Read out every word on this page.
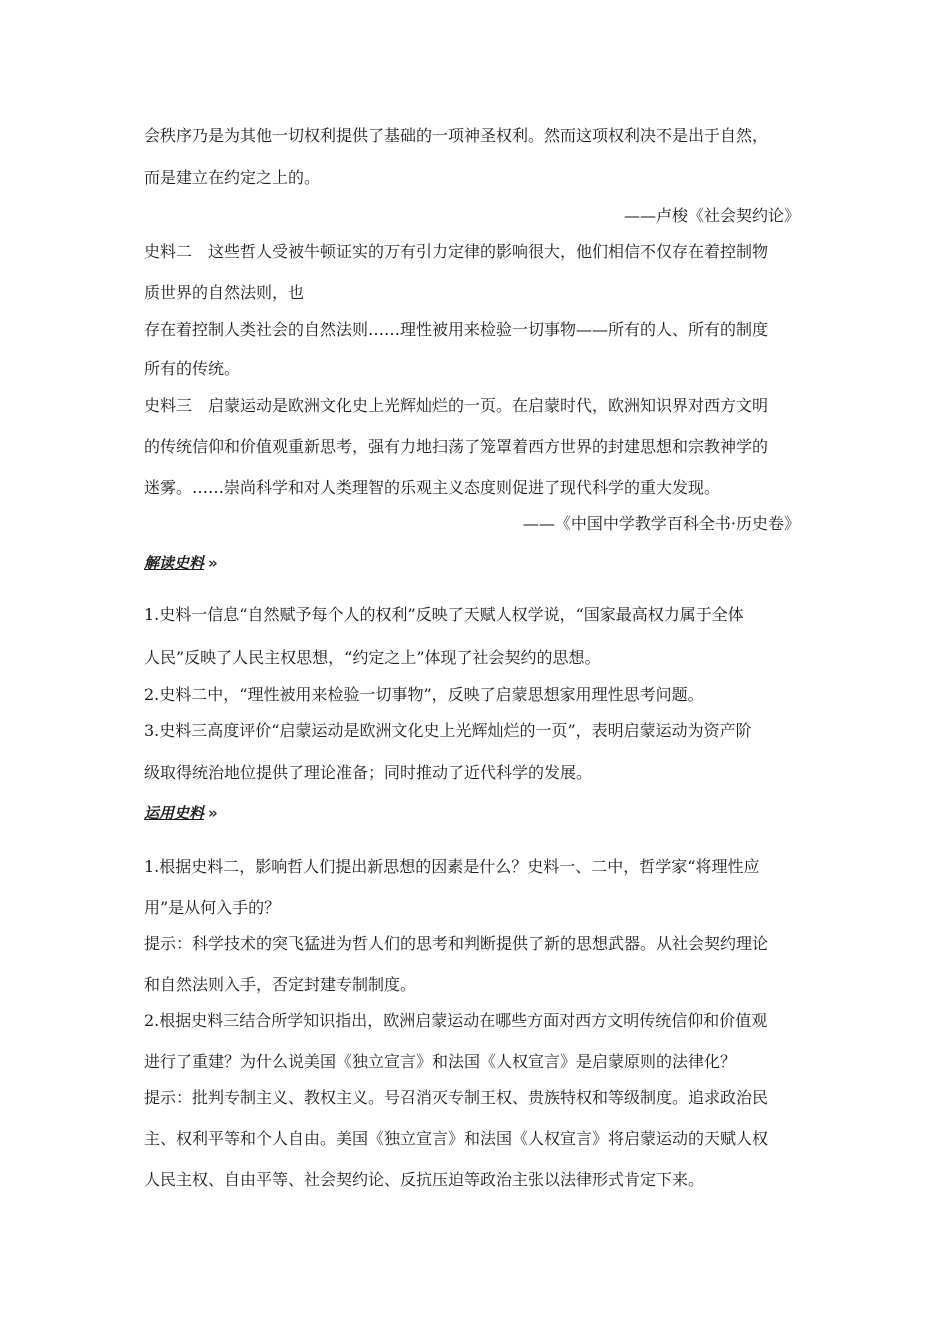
会秩序乃是为其他一切权利提供了基础的一项神圣权利。然而这项权利决不是出于自然，
而是建立在约定之上的。
——卢梭《社会契约论》
史料二　这些哲人受被牛顿证实的万有引力定律的影响很大，他们相信不仅存在着控制物
质世界的自然法则，也
存在着控制人类社会的自然法则……理性被用来检验一切事物——所有的人、所有的制度
所有的传统。
史料三　启蒙运动是欧洲文化史上光辉灿烂的一页。在启蒙时代，欧洲知识界对西方文明
的传统信仰和价值观重新思考，强有力地扫荡了笼罩着西方世界的封建思想和宗教神学的
迷雾。……崇尚科学和对人类理智的乐观主义态度则促进了现代科学的重大发现。
——《中国中学教学百科全书·历史卷》
解读史料 »
1.史料一信息“自然赋予每个人的权利”反映了天赋人权学说，“国家最高权力属于全体
人民”反映了人民主权思想，“约定之上”体现了社会契约的思想。
2.史料二中，“理性被用来检验一切事物”，反映了启蒙思想家用理性思考问题。
3.史料三高度评价“启蒙运动是欧洲文化史上光辉灿烂的一页”，表明启蒙运动为资产阶
级取得统治地位提供了理论准备；同时推动了近代科学的发展。
运用史料 »
1.根据史料二，影响哲人们提出新思想的因素是什么？史料一、二中，哲学家“将理性应
用”是从何入手的？
提示：科学技术的突飞猛进为哲人们的思考和判断提供了新的思想武器。从社会契约理论
和自然法则入手，否定封建专制制度。
2.根据史料三结合所学知识指出，欧洲启蒙运动在哪些方面对西方文明传统信仰和价值观
进行了重建？为什么说美国《独立宣言》和法国《人权宣言》是启蒙原则的法律化？
提示：批判专制主义、教权主义。号召消灭专制王权、贵族特权和等级制度。追求政治民
主、权利平等和个人自由。美国《独立宣言》和法国《人权宣言》将启蒙运动的天赋人权
人民主权、自由平等、社会契约论、反抗压迫等政治主张以法律形式肯定下来。
